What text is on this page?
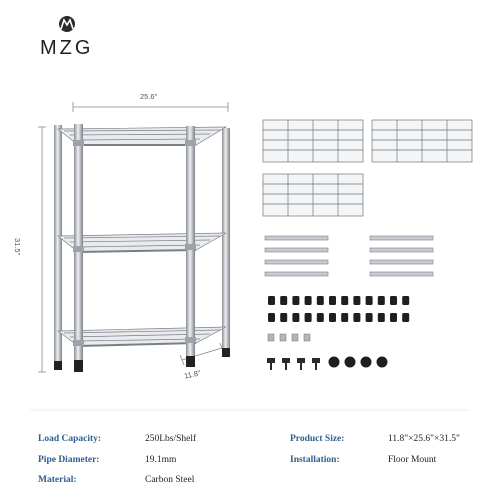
MZG
25.6"
31.5"
11.8"
Load Capacity:	250Lbs/Shelf
Pipe Diameter:	19.1mm
Material:	Carbon Steel
Product Size:	11.8"×25.6"×31.5"
Installation:	Floor Mount
